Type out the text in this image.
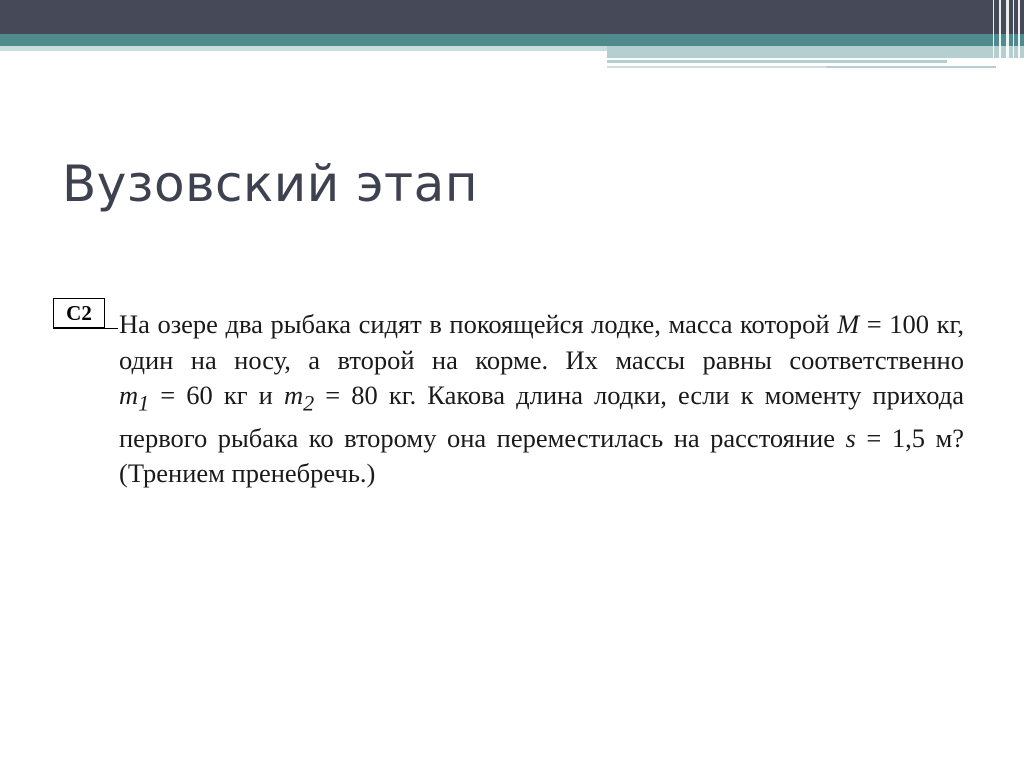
Вузовский этап
C2	На озере два рыбака сидят в покоящейся лодке, масса которой M = 100 кг,
один на носу, а второй на корме. Их массы равны соответственно
$m_1 = 60$ кг и $m_2 = 80$ кг. Какова длина лодки, если к моменту прихода
первого рыбака ко второму она переместилась на расстояние s = 1,5 м?
(Трением пренебречь.)
